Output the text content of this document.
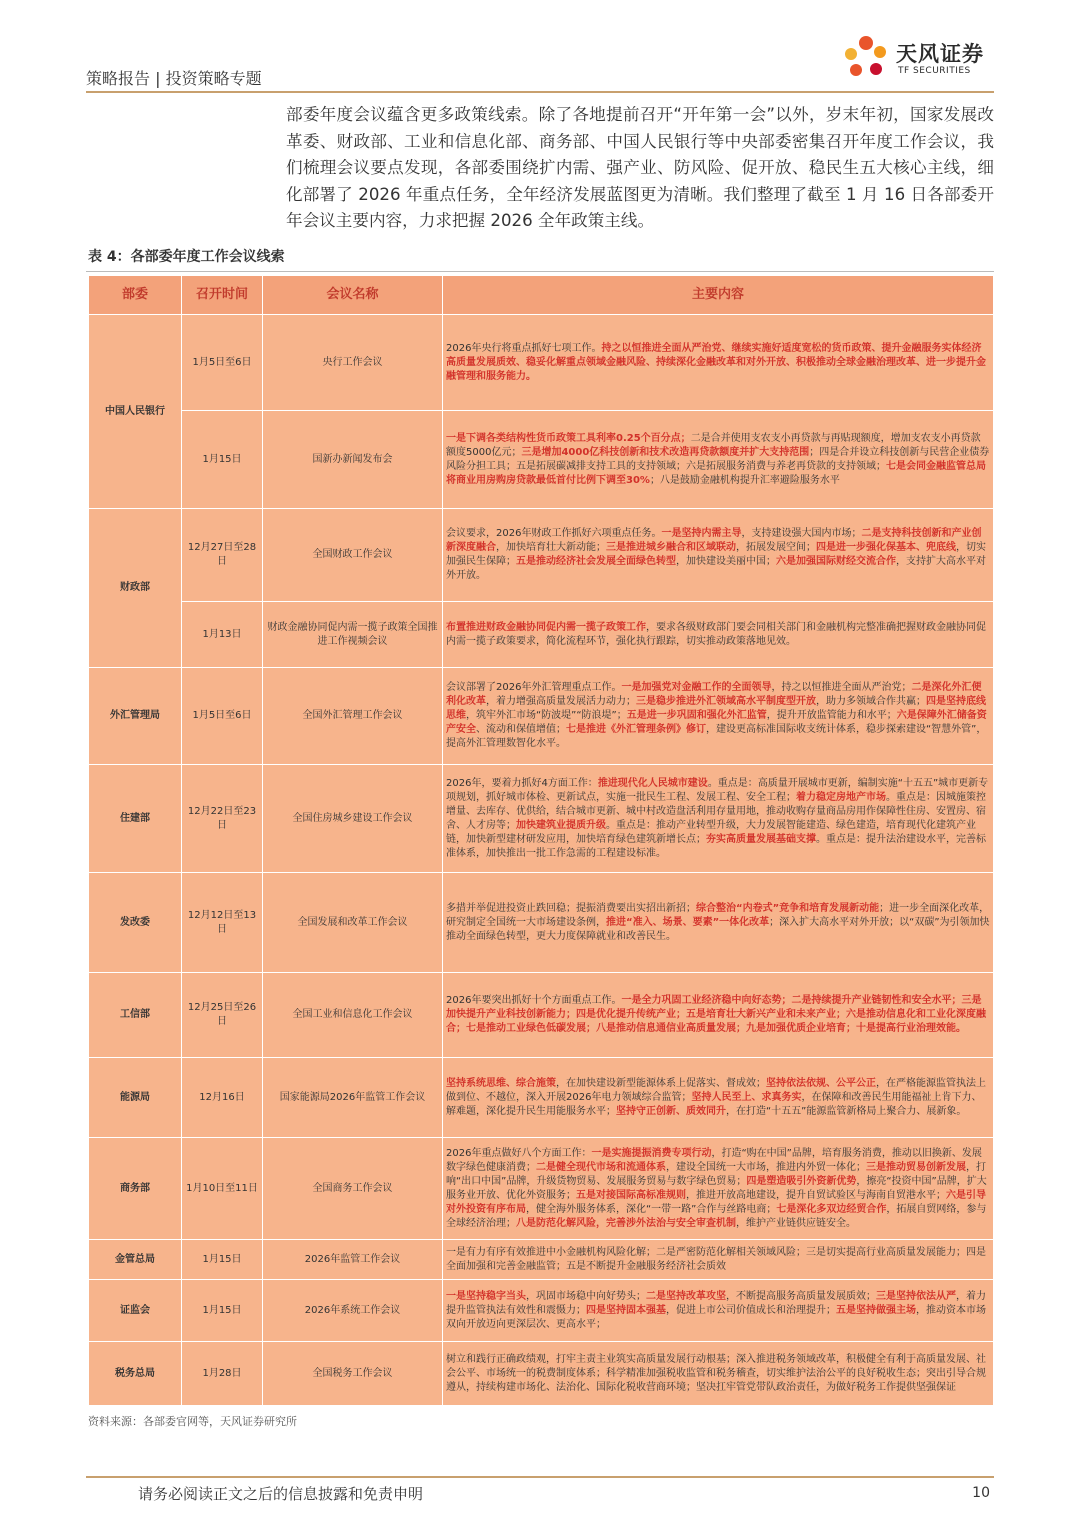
策略报告 | 投资策略专题
天风证券
TF SECURITIES

部委年度会议蕴含更多政策线索。除了各地提前召开“开年第一会”以外，岁末年初，国家发展改革委、财政部、工业和信息化部、商务部、中国人民银行等中央部委密集召开年度工作会议，我们梳理会议要点发现，各部委围绕扩内需、强产业、防风险、促开放、稳民生五大核心主线，细化部署了 2026 年重点任务，全年经济发展蓝图更为清晰。我们整理了截至 1 月 16 日各部委开年会议主要内容，力求把握 2026 全年政策主线。

表 4：各部委年度工作会议线索
部委	召开时间	会议名称	主要内容
中国人民银行	1月5日至6日	央行工作会议	2026年央行将重点抓好七项工作。持之以恒推进全面从严治党、继续实施好适度宽松的货币政策、提升金融服务实体经济高质量发展质效、稳妥化解重点领域金融风险、持续深化金融改革和对外开放、积极推动全球金融治理改革、进一步提升金融管理和服务能力。
	1月15日	国新办新闻发布会	一是下调各类结构性货币政策工具利率0.25个百分点；二是合并使用支农支小再贷款与再贴现额度，增加支农支小再贷款额度5000亿元；三是增加4000亿科技创新和技术改造再贷款额度并扩大支持范围；四是合并设立科技创新与民营企业债券风险分担工具；五是拓展碳减排支持工具的支持领域；六是拓展服务消费与养老再贷款的支持领域；七是会同金融监管总局将商业用房购房贷款最低首付比例下调至30%；八是鼓励金融机构提升汇率避险服务水平
财政部	12月27日至28日	全国财政工作会议	会议要求，2026年财政工作抓好六项重点任务。一是坚持内需主导，支持建设强大国内市场；二是支持科技创新和产业创新深度融合，加快培育壮大新动能；三是推进城乡融合和区域联动，拓展发展空间；四是进一步强化保基本、兜底线，切实加强民生保障；五是推动经济社会发展全面绿色转型，加快建设美丽中国；六是加强国际财经交流合作，支持扩大高水平对外开放。
	1月13日	财政金融协同促内需一揽子政策全国推进工作视频会议	布置推进财政金融协同促内需一揽子政策工作，要求各级财政部门要会同相关部门和金融机构完整准确把握财政金融协同促内需一揽子政策要求，简化流程环节，强化执行跟踪，切实推动政策落地见效。
外汇管理局	1月5日至6日	全国外汇管理工作会议	会议部署了2026年外汇管理重点工作。一是加强党对金融工作的全面领导，持之以恒推进全面从严治党；二是深化外汇便利化改革，着力增强高质量发展活力动力；三是稳步推进外汇领域高水平制度型开放，助力多领域合作共赢；四是坚持底线思维，筑牢外汇市场“防波堤”“防浪堤”；五是进一步巩固和强化外汇监管，提升开放监管能力和水平；六是保障外汇储备资产安全、流动和保值增值；七是推进《外汇管理条例》修订，建设更高标准国际收支统计体系，稳步探索建设“智慧外管”，提高外汇管理数智化水平。
住建部	12月22日至23日	全国住房城乡建设工作会议	2026年，要着力抓好4方面工作：推进现代化人民城市建设。重点是：高质量开展城市更新，编制实施“十五五”城市更新专项规划，抓好城市体检、更新试点，实施一批民生工程、发展工程、安全工程；着力稳定房地产市场。重点是：因城施策控增量、去库存、优供给，结合城市更新、城中村改造盘活利用存量用地，推动收购存量商品房用作保障性住房、安置房、宿舍、人才房等；加快建筑业提质升级。重点是：推动产业转型升级，大力发展智能建造、绿色建造，培育现代化建筑产业链，加快新型建材研发应用，加快培育绿色建筑新增长点；夯实高质量发展基础支撑。重点是：提升法治建设水平，完善标准体系，加快推出一批工作急需的工程建设标准。
发改委	12月12日至13日	全国发展和改革工作会议	多措并举促进投资止跌回稳；提振消费要出实招出新招；综合整治“内卷式”竞争和培育发展新动能；进一步全面深化改革，研究制定全国统一大市场建设条例，推进“准入、场景、要素”一体化改革；深入扩大高水平对外开放；以“双碳”为引领加快推动全面绿色转型，更大力度保障就业和改善民生。
工信部	12月25日至26日	全国工业和信息化工作会议	2026年要突出抓好十个方面重点工作。一是全力巩固工业经济稳中向好态势；二是持续提升产业链韧性和安全水平；三是加快提升产业科技创新能力；四是优化提升传统产业；五是培育壮大新兴产业和未来产业；六是推动信息化和工业化深度融合；七是推动工业绿色低碳发展；八是推动信息通信业高质量发展；九是加强优质企业培育；十是提高行业治理效能。
能源局	12月16日	国家能源局2026年监管工作会议	坚持系统思维、综合施策，在加快建设新型能源体系上促落实、督成效；坚持依法依规、公平公正，在严格能源监管执法上做到位、不越位，深入开展2026年电力领域综合监管；坚持人民至上、求真务实，在保障和改善民生用能福祉上肯下力、解难题，深化提升民生用能服务水平；坚持守正创新、质效同升，在打造“十五五”能源监管新格局上聚合力、展新象。
商务部	1月10日至11日	全国商务工作会议	2026年重点做好八个方面工作：一是实施提振消费专项行动，打造“购在中国”品牌，培育服务消费，推动以旧换新、发展数字绿色健康消费；二是健全现代市场和流通体系，建设全国统一大市场，推进内外贸一体化；三是推动贸易创新发展，打响“出口中国”品牌，升级货物贸易、发展服务贸易与数字绿色贸易；四是塑造吸引外资新优势，擦亮“投资中国”品牌，扩大服务业开放、优化外资服务；五是对接国际高标准规则，推进开放高地建设，提升自贸试验区与海南自贸港水平；六是引导对外投资有序布局，健全海外服务体系，深化“一带一路”合作与丝路电商；七是深化多双边经贸合作，拓展自贸网络，参与全球经济治理；八是防范化解风险，完善涉外法治与安全审查机制，维护产业链供应链安全。
金管总局	1月15日	2026年监管工作会议	一是有力有序有效推进中小金融机构风险化解；二是严密防范化解相关领域风险；三是切实提高行业高质量发展能力；四是全面加强和完善金融监管；五是不断提升金融服务经济社会质效
证监会	1月15日	2026年系统工作会议	一是坚持稳字当头，巩固市场稳中向好势头；二是坚持改革攻坚，不断提高服务高质量发展质效；三是坚持依法从严，着力提升监管执法有效性和震慑力；四是坚持固本强基，促进上市公司价值成长和治理提升；五是坚持做强主场，推动资本市场双向开放迈向更深层次、更高水平；
税务总局	1月28日	全国税务工作会议	树立和践行正确政绩观，打牢主责主业筑实高质量发展行动根基；深入推进税务领域改革，积极健全有利于高质量发展、社会公平、市场统一的税费制度体系；科学精准加强税收监管和税务稽查，切实维护法治公平的良好税收生态；突出引导合规遵从，持续构建市场化、法治化、国际化税收营商环境；坚决扛牢管党带队政治责任，为做好税务工作提供坚强保证
资料来源：各部委官网等，天风证券研究所
请务必阅读正文之后的信息披露和免责申明	10
